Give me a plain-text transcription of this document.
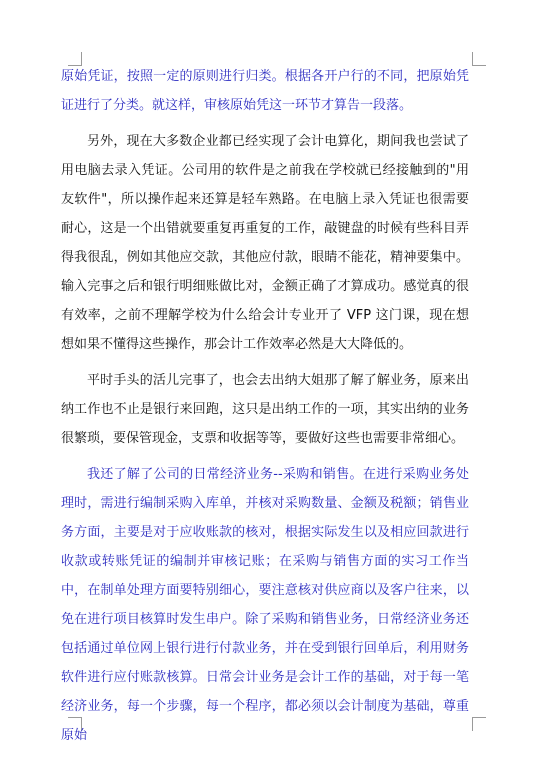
原始凭证，按照一定的原则进行归类。根据各开户行的不同，把原始凭证进行了分类。就这样，审核原始凭这一环节才算告一段落。

另外，现在大多数企业都已经实现了会计电算化，期间我也尝试了用电脑去录入凭证。公司用的软件是之前我在学校就已经接触到的"用友软件"，所以操作起来还算是轻车熟路。在电脑上录入凭证也很需要耐心，这是一个出错就要重复再重复的工作，敲键盘的时候有些科目弄得我很乱，例如其他应交款，其他应付款，眼睛不能花，精神要集中。输入完事之后和银行明细账做比对，金额正确了才算成功。感觉真的很有效率，之前不理解学校为什么给会计专业开了 VFP 这门课，现在想想如果不懂得这些操作，那会计工作效率必然是大大降低的。

平时手头的活儿完事了，也会去出纳大姐那了解了解业务，原来出纳工作也不止是银行来回跑，这只是出纳工作的一项，其实出纳的业务很繁琐，要保管现金，支票和收据等等，要做好这些也需要非常细心。

我还了解了公司的日常经济业务--采购和销售。在进行采购业务处理时，需进行编制采购入库单，并核对采购数量、金额及税额；销售业务方面，主要是对于应收账款的核对，根据实际发生以及相应回款进行收款或转账凭证的编制并审核记账；在采购与销售方面的实习工作当中，在制单处理方面要特别细心，要注意核对供应商以及客户往来，以免在进行项目核算时发生串户。除了采购和销售业务，日常经济业务还包括通过单位网上银行进行付款业务，并在受到银行回单后，利用财务软件进行应付账款核算。日常会计业务是会计工作的基础，对于每一笔经济业务，每一个步骤，每一个程序，都必须以会计制度为基础，尊重原始
